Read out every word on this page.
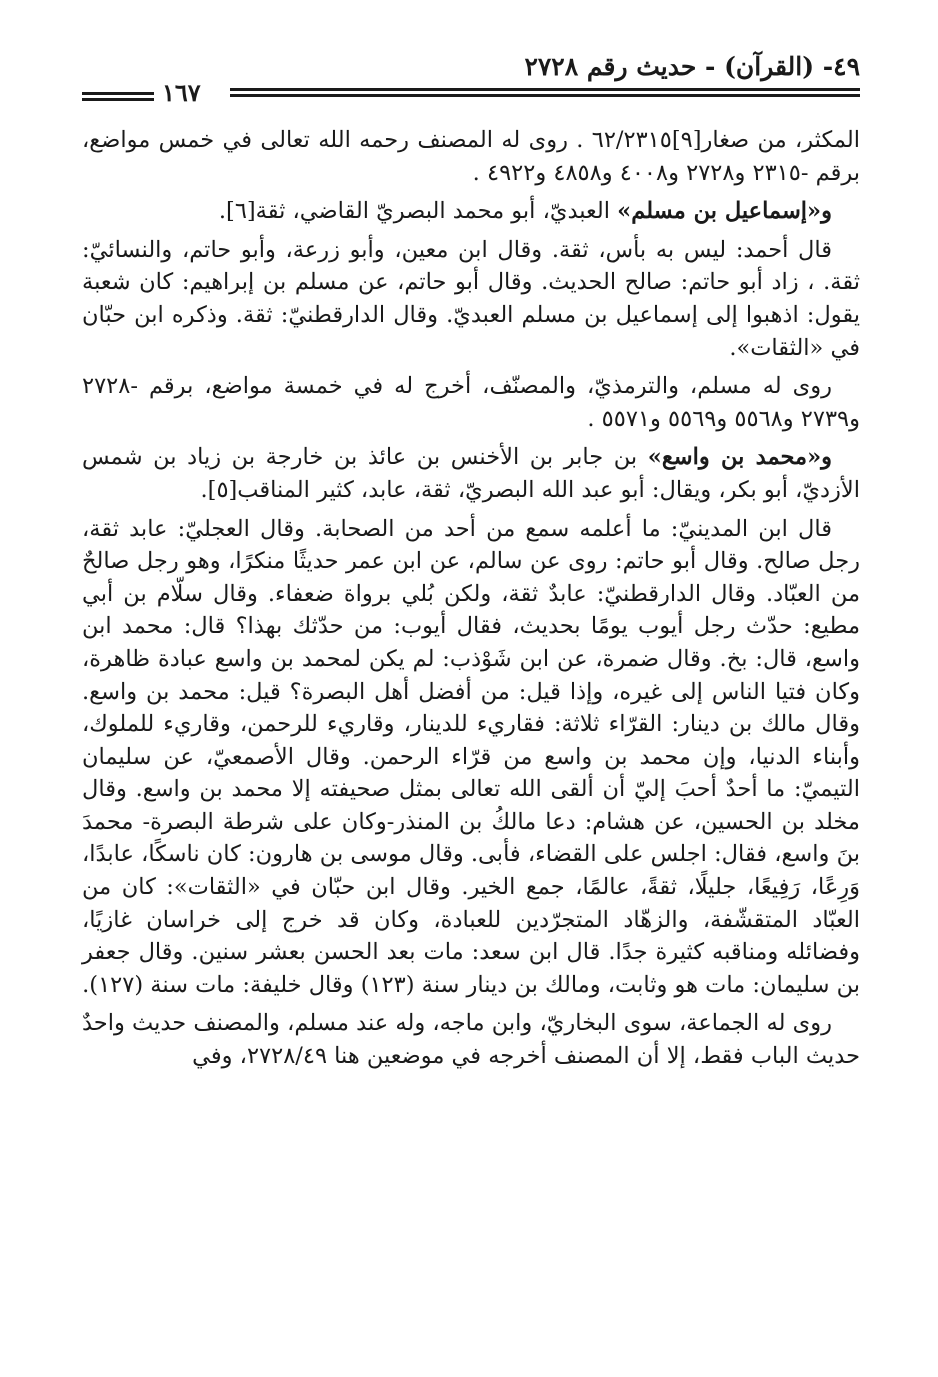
٤٩- (القرآن) - حديث رقم ٢٧٢٨
١٦٧

المكثر، من صغار[٩]٦٢/٢٣١٥ . روى له المصنف رحمه الله تعالى في خمس مواضع، برقم ‎-٢٣١٥ و٢٧٢٨ و٤٠٠٨ و٤٨٥٨ و٤٩٢٢ .

و«إسماعيل بن مسلم» العبديّ، أبو محمد البصريّ القاضي، ثقة[٦].

قال أحمد: ليس به بأس، ثقة. وقال ابن معين، وأبو زرعة، وأبو حاتم، والنسائيّ: ثقة. ، زاد أبو حاتم: صالح الحديث. وقال أبو حاتم، عن مسلم بن إبراهيم: كان شعبة يقول: اذهبوا إلى إسماعيل بن مسلم العبديّ. وقال الدارقطنيّ: ثقة. وذكره ابن حبّان في «الثقات».

روى له مسلم، والترمذيّ، والمصنّف، أخرج له في خمسة مواضع، برقم ‎-٢٧٢٨ و٢٧٣٩ و٥٥٦٨ و٥٥٦٩ و٥٥٧١ .

و«محمد بن واسع» بن جابر بن الأخنس بن عائذ بن خارجة بن زياد بن شمس الأزديّ، أبو بكر، ويقال: أبو عبد الله البصريّ، ثقة، عابد، كثير المناقب[٥].

قال ابن المدينيّ: ما أعلمه سمع من أحد من الصحابة. وقال العجليّ: عابد ثقة، رجل صالح. وقال أبو حاتم: روى عن سالم، عن ابن عمر حديثًا منكرًا، وهو رجل صالحٌ من العبّاد. وقال الدارقطنيّ: عابدٌ ثقة، ولكن بُلي برواة ضعفاء. وقال سلّام بن أبي مطيع: حدّث رجل أيوب يومًا بحديث، فقال أيوب: من حدّثك بهذا؟ قال: محمد ابن واسع، قال: بخ. وقال ضمرة، عن ابن شَوْذب: لم يكن لمحمد بن واسع عبادة ظاهرة، وكان فتيا الناس إلى غيره، وإذا قيل: من أفضل أهل البصرة؟ قيل: محمد بن واسع. وقال مالك بن دينار: القرّاء ثلاثة: فقاريء للدينار، وقاريء للرحمن، وقاريء للملوك، وأبناء الدنيا، وإن محمد بن واسع من قرّاء الرحمن. وقال الأصمعيّ، عن سليمان التيميّ: ما أحدٌ أحبَ إليّ أن ألقى الله تعالى بمثل صحيفته إلا محمد بن واسع. وقال مخلد بن الحسين، عن هشام: دعا مالكُ بن المنذر-وكان على شرطة البصرة- محمدَ بنَ واسع، فقال: اجلس على القضاء، فأبى. وقال موسى بن هارون: كان ناسكًا، عابدًا، وَرِعًا، رَفِيعًا، جليلًا، ثقةً، عالمًا، جمع الخير. وقال ابن حبّان في «الثقات»: كان من العبّاد المتقشّفة، والزهّاد المتجرّدين للعبادة، وكان قد خرج إلى خراسان غازيًا، وفضائله ومناقبه كثيرة جدًا. قال ابن سعد: مات بعد الحسن بعشر سنين. وقال جعفر بن سليمان: مات هو وثابت، ومالك بن دينار سنة (١٢٣) وقال خليفة: مات سنة (١٢٧).

روى له الجماعة، سوى البخاريّ، وابن ماجه، وله عند مسلم، والمصنف حديث واحدٌ حديث الباب فقط، إلا أن المصنف أخرجه في موضعين هنا ٢٧٢٨/٤٩، وفي
